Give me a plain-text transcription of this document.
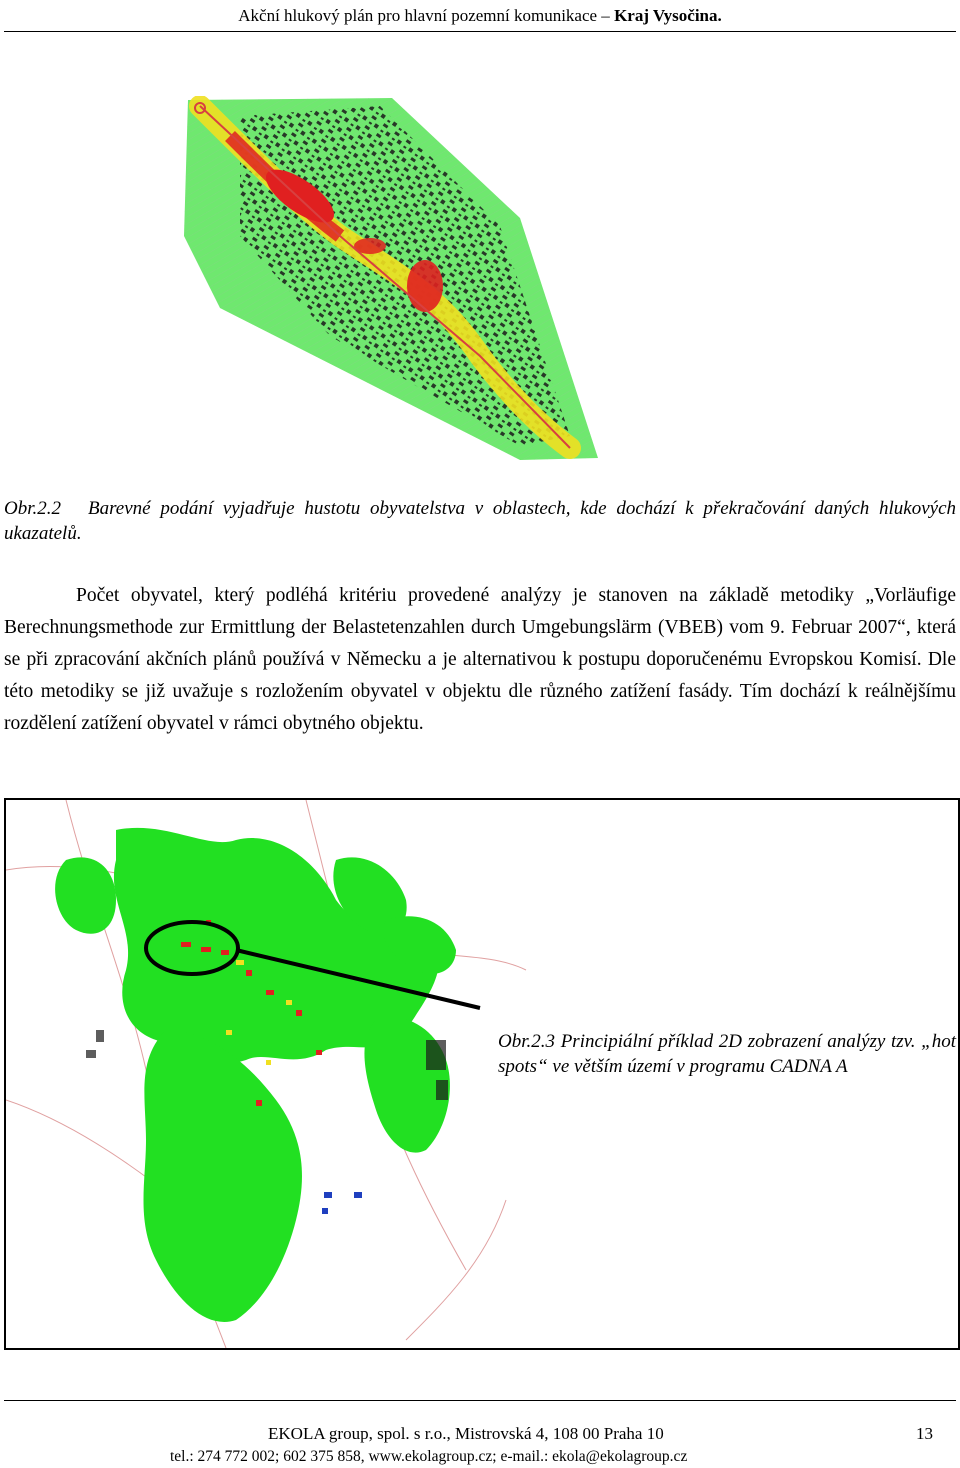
Akční hlukový plán pro hlavní pozemní komunikace – Kraj Vysočina.
Obr.2.2 Barevné podání vyjadřuje hustotu obyvatelstva v oblastech, kde dochází k překračování daných hlukových ukazatelů.
Počet obyvatel, který podléhá kritériu provedené analýzy je stanoven na základě metodiky „Vorläufige Berechnungsmethode zur Ermittlung der Belastetenzahlen durch Umgebungslärm (VBEB) vom 9. Februar 2007“, která se při zpracování akčních plánů používá v Německu a je alternativou k postupu doporučenému Evropskou Komisí. Dle této metodiky se již uvažuje s rozložením obyvatel v objektu dle různého zatížení fasády. Tím dochází k reálnějšímu rozdělení zatížení obyvatel v rámci obytného objektu.
Obr.2.3 Principiální příklad 2D zobrazení analýzy tzv. „hot spots“ ve větším území v programu CADNA A
EKOLA group, spol. s r.o., Mistrovská 4, 108 00 Praha 10	13
tel.: 274 772 002; 602 375 858, www.ekolagroup.cz; e-mail.: ekola@ekolagroup.cz
